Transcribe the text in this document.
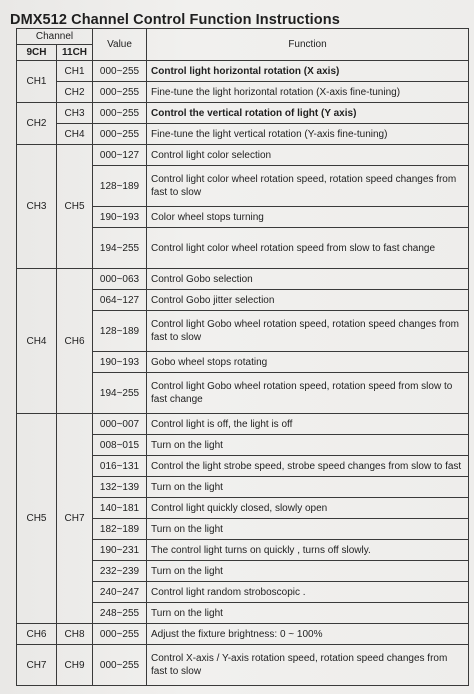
DMX512 Channel Control Function Instructions
Channel		Value	Function
9CH	11CH		
CH1	CH1	000~255	Control light horizontal rotation (X axis)
	CH2	000~255	Fine-tune the light horizontal rotation (X-axis fine-tuning)
CH2	CH3	000~255	Control the vertical rotation of light (Y axis)
	CH4	000~255	Fine-tune the light vertical rotation (Y-axis fine-tuning)
CH3	CH5	000~127	Control light color selection
		128~189	Control light color wheel rotation speed, rotation speed changes from fast to slow
		190~193	Color wheel stops turning
		194~255	Control light color wheel rotation speed from slow to fast change
CH4	CH6	000~063	Control Gobo selection
		064~127	Control Gobo jitter selection
		128~189	Control light Gobo wheel rotation speed, rotation speed changes from fast to slow
		190~193	Gobo wheel stops rotating
		194~255	Control light Gobo wheel rotation speed, rotation speed from slow to fast change
CH5	CH7	000~007	Control light is off, the light is off
		008~015	Turn on the light
		016~131	Control the light strobe speed, strobe speed changes from slow to fast
		132~139	Turn on the light
		140~181	Control light quickly closed, slowly open
		182~189	Turn on the light
		190~231	The control light turns on quickly , turns off slowly.
		232~239	Turn on the light
		240~247	Control light random stroboscopic .
		248~255	Turn on the light
CH6	CH8	000~255	Adjust the fixture brightness: 0 ~ 100%
CH7	CH9	000~255	Control X-axis / Y-axis rotation speed, rotation speed changes from fast to slow
